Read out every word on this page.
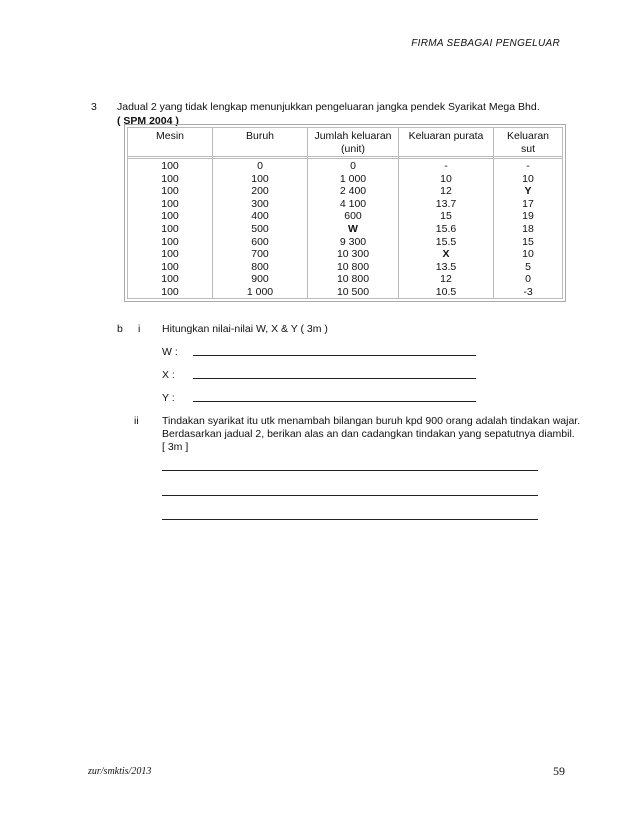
FIRMA SEBAGAI PENGELUAR
3 Jadual 2 yang tidak lengkap menunjukkan pengeluaran jangka pendek Syarikat Mega Bhd.
( SPM 2004 )
Mesin
100
100
100
100
100
100
100
100
100
100
100
Buruh
0
100
200
300
400
500
600
700
800
900
1 000
Jumlah keluaran
(unit)
0
1 000
2 400
4 100
600
W
9 300
10 300
10 800
10 800
10 500
Keluaran purata
-
10
12
13.7
15
15.6
15.5
X
13.5
12
10.5
Keluaran
sut
-
10
Y
17
19
18
15
10
5
0
-3
b i Hitungkan nilai-nilai W, X & Y ( 3m )
W :
X :
Y :
ii Tindakan syarikat itu utk menambah bilangan buruh kpd 900 orang adalah tindakan wajar.
Berdasarkan jadual 2, berikan alas an dan cadangkan tindakan yang sepatutnya diambil.
[ 3m ]
zur/smktis/2013	59
